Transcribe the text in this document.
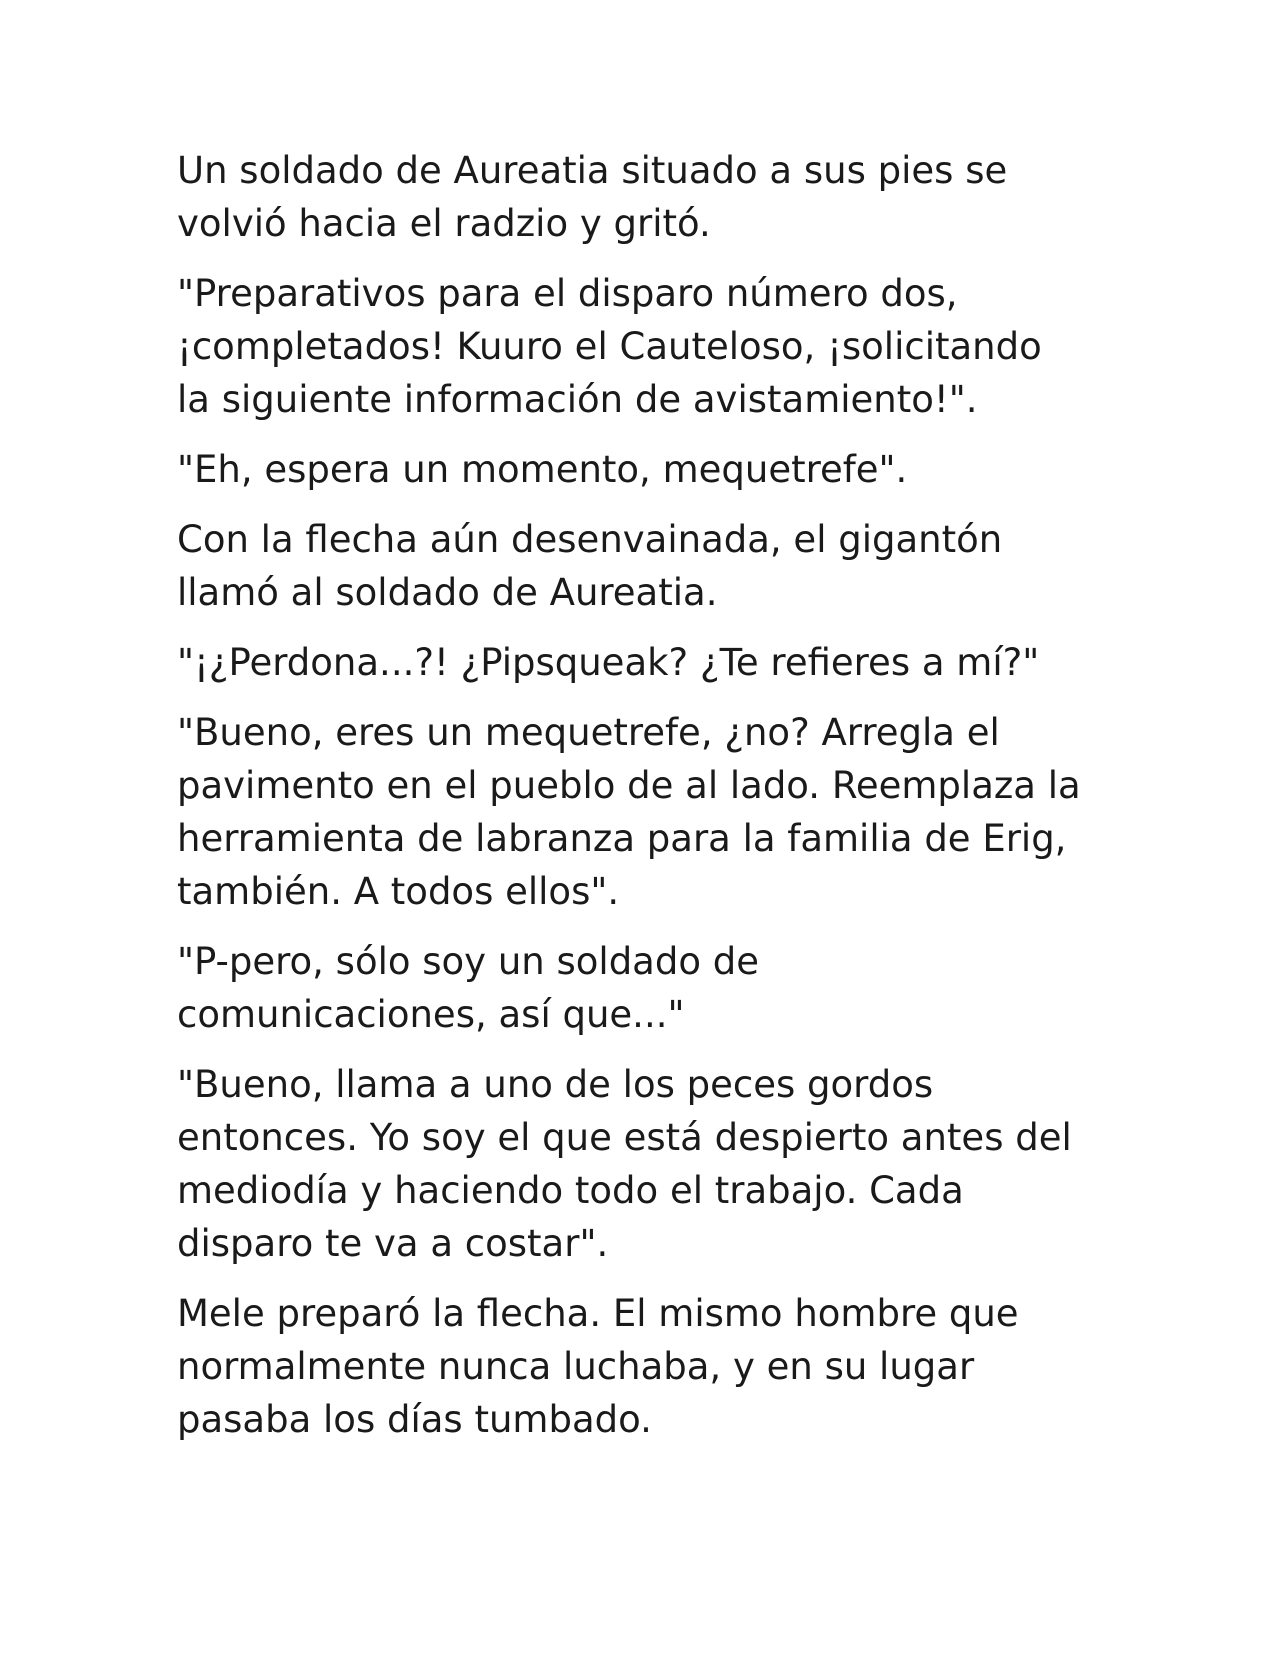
Un soldado de Aureatia situado a sus pies se
volvió hacia el radzio y gritó.

"Preparativos para el disparo número dos,
¡completados! Kuuro el Cauteloso, ¡solicitando
la siguiente información de avistamiento!".

"Eh, espera un momento, mequetrefe".

Con la flecha aún desenvainada, el gigantón
llamó al soldado de Aureatia.

"¡¿Perdona...?! ¿Pipsqueak? ¿Te refieres a mí?"

"Bueno, eres un mequetrefe, ¿no? Arregla el
pavimento en el pueblo de al lado. Reemplaza la
herramienta de labranza para la familia de Erig,
también. A todos ellos".

"P-pero, sólo soy un soldado de
comunicaciones, así que..."

"Bueno, llama a uno de los peces gordos
entonces. Yo soy el que está despierto antes del
mediodía y haciendo todo el trabajo. Cada
disparo te va a costar".

Mele preparó la flecha. El mismo hombre que
normalmente nunca luchaba, y en su lugar
pasaba los días tumbado.
